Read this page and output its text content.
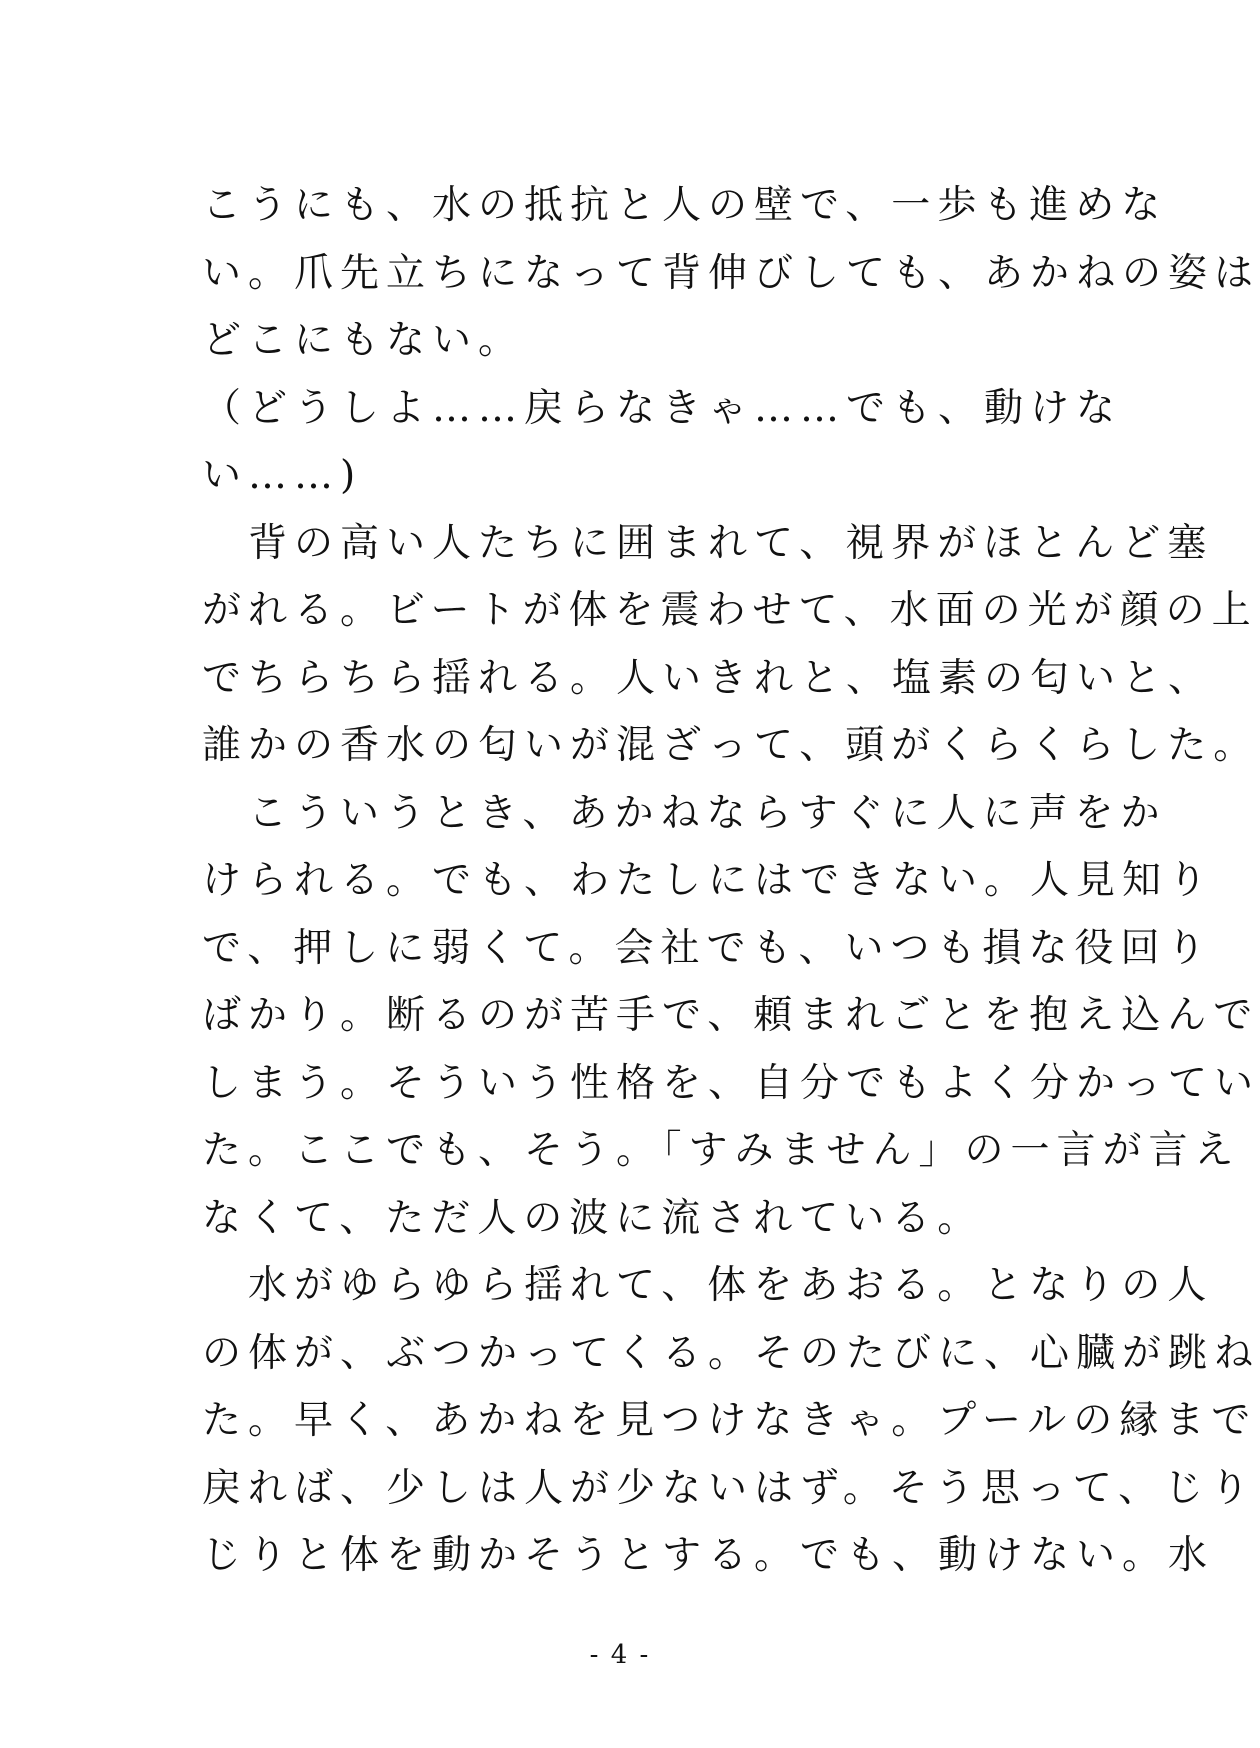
こうにも、水の抵抗と人の壁で、一歩も進めな
い。爪先立ちになって背伸びしても、あかねの姿は
どこにもない。
（どうしよ……戻らなきゃ……でも、動けな
い……)
　背の高い人たちに囲まれて、視界がほとんど塞
がれる。ビートが体を震わせて、水面の光が顔の上
でちらちら揺れる。人いきれと、塩素の匂いと、
誰かの香水の匂いが混ざって、頭がくらくらした。
　こういうとき、あかねならすぐに人に声をか
けられる。でも、わたしにはできない。人見知り
で、押しに弱くて。会社でも、いつも損な役回り
ばかり。断るのが苦手で、頼まれごとを抱え込んで
しまう。そういう性格を、自分でもよく分かってい
た。ここでも、そう。「すみません」の一言が言え
なくて、ただ人の波に流されている。
　水がゆらゆら揺れて、体をあおる。となりの人
の体が、ぶつかってくる。そのたびに、心臓が跳ね
た。早く、あかねを見つけなきゃ。プールの縁まで
戻れば、少しは人が少ないはず。そう思って、じり
じりと体を動かそうとする。でも、動けない。水
- 4 -
